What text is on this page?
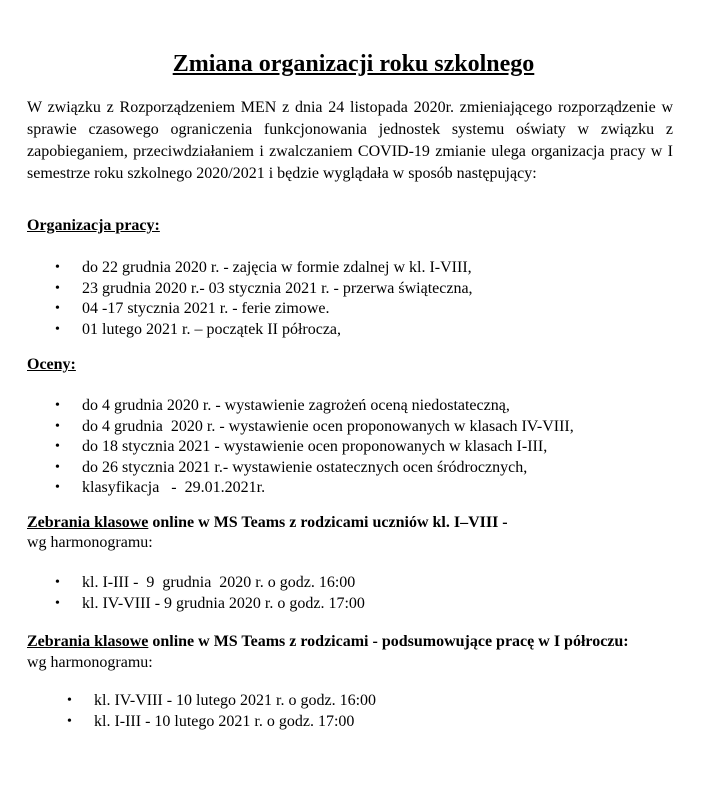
Zmiana organizacji roku szkolnego
W związku z Rozporządzeniem MEN z dnia 24 listopada 2020r. zmieniającego rozporządzenie w sprawie czasowego ograniczenia funkcjonowania jednostek systemu oświaty w związku z zapobieganiem, przeciwdziałaniem i zwalczaniem COVID-19 zmianie ulega organizacja pracy w I semestrze roku szkolnego 2020/2021 i będzie wyglądała w sposób następujący:
Organizacja pracy:
•	do 22 grudnia 2020 r. - zajęcia w formie zdalnej w kl. I-VIII,
•	23 grudnia 2020 r.- 03 stycznia 2021 r. - przerwa świąteczna,
•	04 -17 stycznia 2021 r. - ferie zimowe.
•	01 lutego 2021 r. – początek II półrocza,
Oceny:
•	do 4 grudnia 2020 r. - wystawienie zagrożeń oceną niedostateczną,
•	do 4 grudnia  2020 r. - wystawienie ocen proponowanych w klasach IV-VIII,
•	do 18 stycznia 2021 - wystawienie ocen proponowanych w klasach I-III,
•	do 26 stycznia 2021 r.- wystawienie ostatecznych ocen śródrocznych,
•	klasyfikacja   -  29.01.2021r.
Zebrania klasowe online w MS Teams z rodzicami uczniów kl. I–VIII -
wg harmonogramu:
•	kl. I-III -  9  grudnia  2020 r. o godz. 16:00
•	kl. IV-VIII - 9 grudnia 2020 r. o godz. 17:00
Zebrania klasowe online w MS Teams z rodzicami - podsumowujące pracę w I półroczu:
wg harmonogramu:
•	kl. IV-VIII - 10 lutego 2021 r. o godz. 16:00
•	kl. I-III - 10 lutego 2021 r. o godz. 17:00
